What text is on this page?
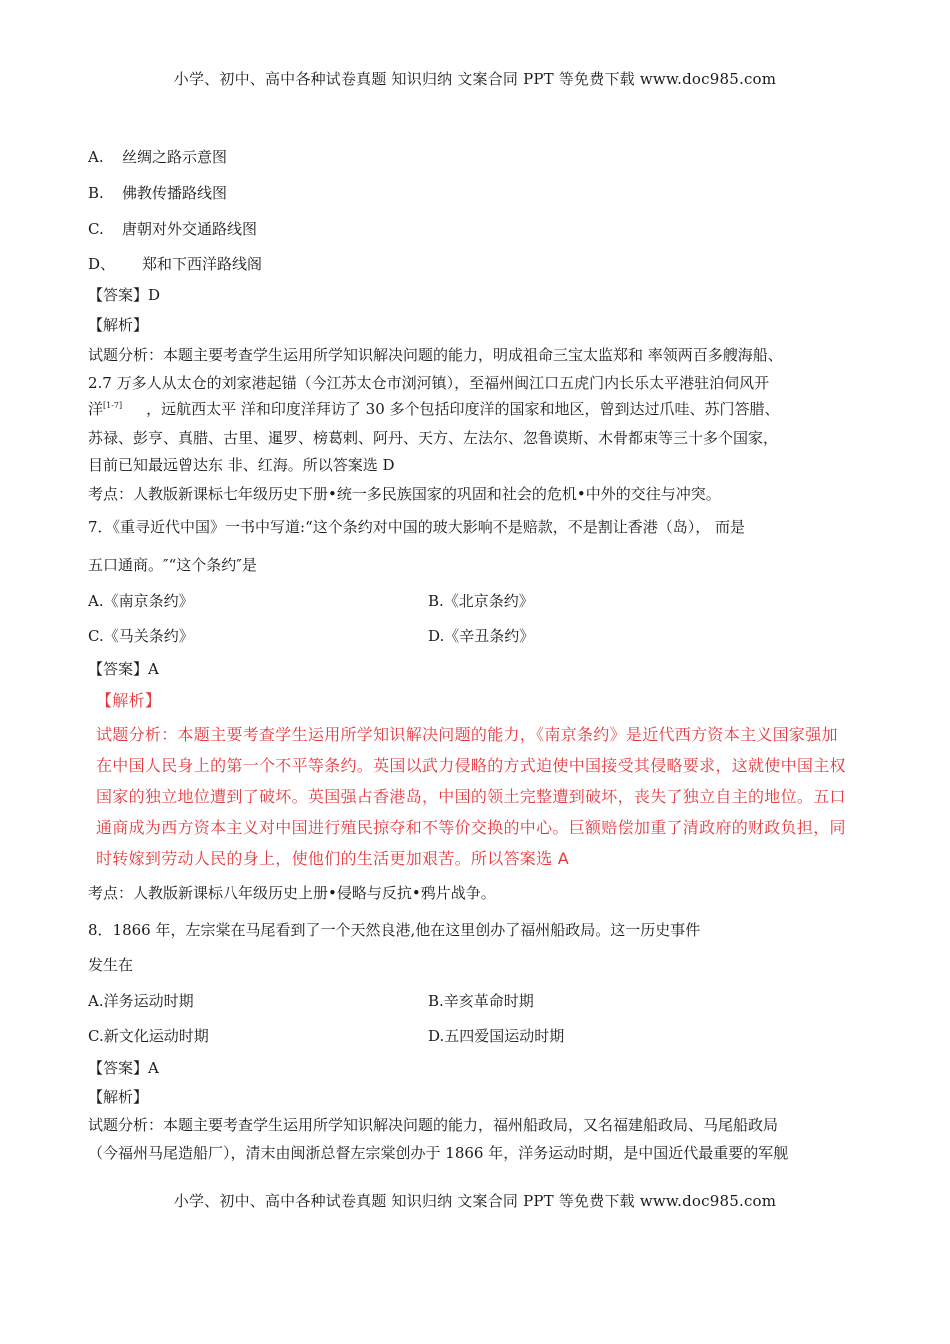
小学、初中、高中各种试卷真题 知识归纳 文案合同 PPT 等免费下载 www.doc985.com
A. 丝绸之路示意图
B. 佛教传播路线图
C. 唐朝对外交通路线图
D、 郑和下西洋路线阁
【答案】D
【解析】
试题分析：本题主要考查学生运用所学知识解决问题的能力，明成祖命三宝太监郑和 率领两百多艘海船、
2.7 万多人从太仓的刘家港起锚（今江苏太仓市浏河镇），至福州闽江口五虎门内长乐太平港驻泊伺风开
洋[1-7] ，远航西太平 洋和印度洋拜访了 30 多个包括印度洋的国家和地区，曾到达过爪哇、苏门答腊、
苏禄、彭亨、真腊、古里、暹罗、榜葛剌、阿丹、天方、左法尔、忽鲁谟斯、木骨都束等三十多个国家，
目前已知最远曾达东 非、红海。所以答案选 D
考点：人教版新课标七年级历史下册•统一多民族国家的巩固和社会的危机•中外的交往与冲突。
7．《重寻近代中国》一书中写道:“这个条约对中国的玻大影响不是赔款，不是割让香港（岛）， 而是
五口通商。″“这个条约″是
A.《南京条约》	B.《北京条约》
C.《马关条约》	D.《辛丑条约》
【答案】A
【解析】
试题分析：本题主要考查学生运用所学知识解决问题的能力，《南京条约》是近代西方资本主义国家强加
在中国人民身上的第一个不平等条约。英国以武力侵略的方式迫使中国接受其侵略要求，这就使中国主权
国家的独立地位遭到了破坏。英国强占香港岛，中国的领土完整遭到破坏，丧失了独立自主的地位。五口
通商成为西方资本主义对中国进行殖民掠夺和不等价交换的中心。巨额赔偿加重了清政府的财政负担，同
时转嫁到劳动人民的身上，使他们的生活更加艰苦。所以答案选 A
考点：人教版新课标八年级历史上册•侵略与反抗•鸦片战争。
8．1866 年，左宗棠在马尾看到了一个天然良港,他在这里创办了福州船政局。这一历史事件
发生在
A.洋务运动时期	B.辛亥革命时期
C.新文化运动时期	D.五四爱国运动时期
【答案】A
【解析】
试题分析：本题主要考查学生运用所学知识解决问题的能力，福州船政局，又名福建船政局、马尾船政局
（今福州马尾造船厂），清末由闽浙总督左宗棠创办于 1866 年，洋务运动时期，是中国近代最重要的军舰
小学、初中、高中各种试卷真题 知识归纳 文案合同 PPT 等免费下载 www.doc985.com
